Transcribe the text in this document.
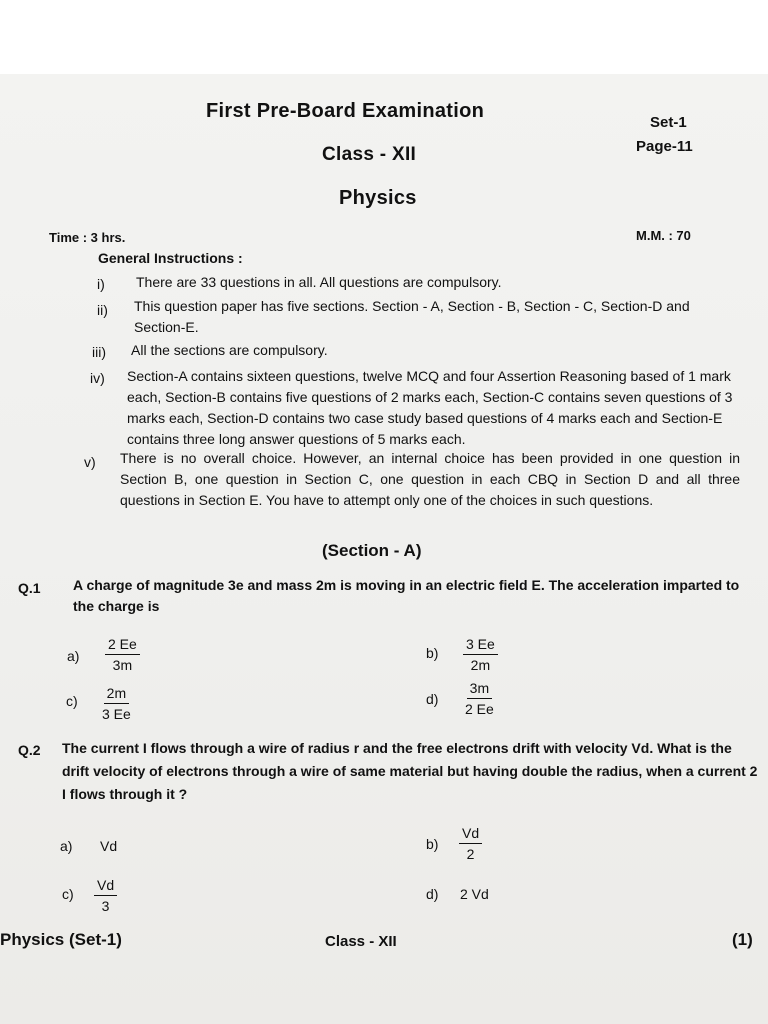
First Pre-Board Examination
Set-1
Class - XII	Page-11
Physics
Time : 3 hrs.	M.M. : 70
General Instructions :
i) There are 33 questions in all. All questions are compulsory.
ii) This question paper has five sections. Section - A, Section - B, Section - C, Section-D and Section-E.
iii) All the sections are compulsory.
iv) Section-A contains sixteen questions, twelve MCQ and four Assertion Reasoning based of 1 mark each, Section-B contains five questions of 2 marks each, Section-C contains seven questions of 3 marks each, Section-D contains two case study based questions of 4 marks each and Section-E contains three long answer questions of 5 marks each.
v) There is no overall choice. However, an internal choice has been provided in one question in Section B, one question in Section C, one question in each CBQ in Section D and all three questions in Section E. You have to attempt only one of the choices in such questions.
(Section - A)
Q.1 A charge of magnitude 3e and mass 2m is moving in an electric field E. The acceleration imparted to the charge is
$a) \frac{2 Ee}{3m}$	$b) \frac{3 Ee}{2m}$
$c) \frac{2m}{3 Ee}$	$d) \frac{3m}{2 Ee}$
Q.2 The current I flows through a wire of radius r and the free electrons drift with velocity Vd. What is the drift velocity of electrons through a wire of same material but having double the radius, when a current 2 I flows through it ?
a) Vd	$b) \frac{Vd}{2}$
$c) \frac{Vd}{3}$	d) 2 Vd
Physics (Set-1)	Class - XII	(1)
